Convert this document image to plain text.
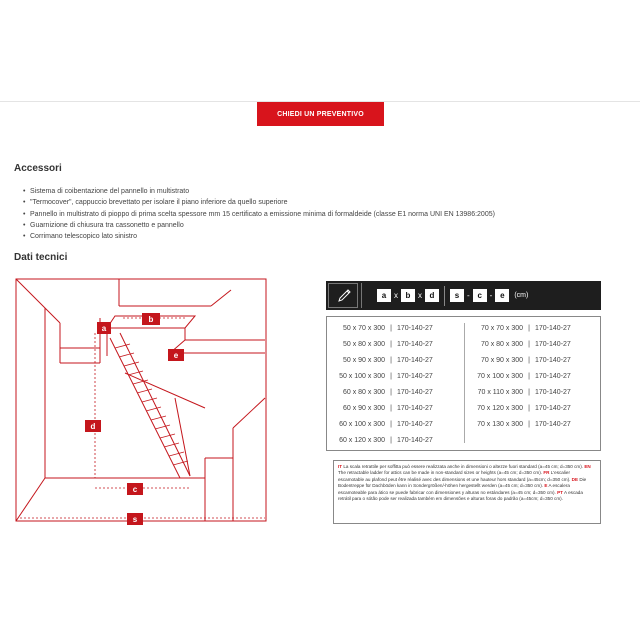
CHIEDI UN PREVENTIVO
Accessori
• Sistema di coibentazione del pannello in multistrato
• "Termocover", cappuccio brevettato per isolare il piano inferiore da quello superiore
• Pannello in multistrato di pioppo di prima scelta spessore mm 15 certificato a emissione minima di formaldeide (classe E1 norma UNI EN 13986:2005)
• Guarnizione di chiusura tra cassonetto e pannello
• Corrimano telescopico lato sinistro
Dati tecnici
b
a
e
d
c
s
a x b x d	s - c - e	(cm)
50 x 70 x 300 | 170-140-27
50 x 80 x 300 | 170-140-27
50 x 90 x 300 | 170-140-27
50 x 100 x 300 | 170-140-27
60 x 80 x 300 | 170-140-27
60 x 90 x 300 | 170-140-27
60 x 100 x 300 | 170-140-27
60 x 120 x 300 | 170-140-27
70 x 70 x 300 | 170-140-27
70 x 80 x 300 | 170-140-27
70 x 90 x 300 | 170-140-27
70 x 100 x 300 | 170-140-27
70 x 110 x 300 | 170-140-27
70 x 120 x 300 | 170-140-27
70 x 130 x 300 | 170-140-27
IT La scala retrattile per soffitta può essere realizzata anche in dimensioni o altezze fuori standard (a=45 cm; d=350 cm). EN The retractable ladder for attics can be made in non-standard sizes or heights (a=45 cm; d=350 cm). FR L'escalier escamotable au plafond peut être réalisé avec des dimensions et une hauteur hors standard (a=45cm; d=350 cm). DE Die Bodentreppe für Dachböden kann in Sondergrößen/-höhen hergestellt werden (a=45 cm; d=350 cm). E A escalera escamoteable para ático se puede fabricar con dimensiones y alturas no estándares (a=45 cm; d=350 cm). PT A escada retrátil para o sótão pode ser realizada também em dimensões e alturas foras do padrão (a=45cm; d=350 cm).
